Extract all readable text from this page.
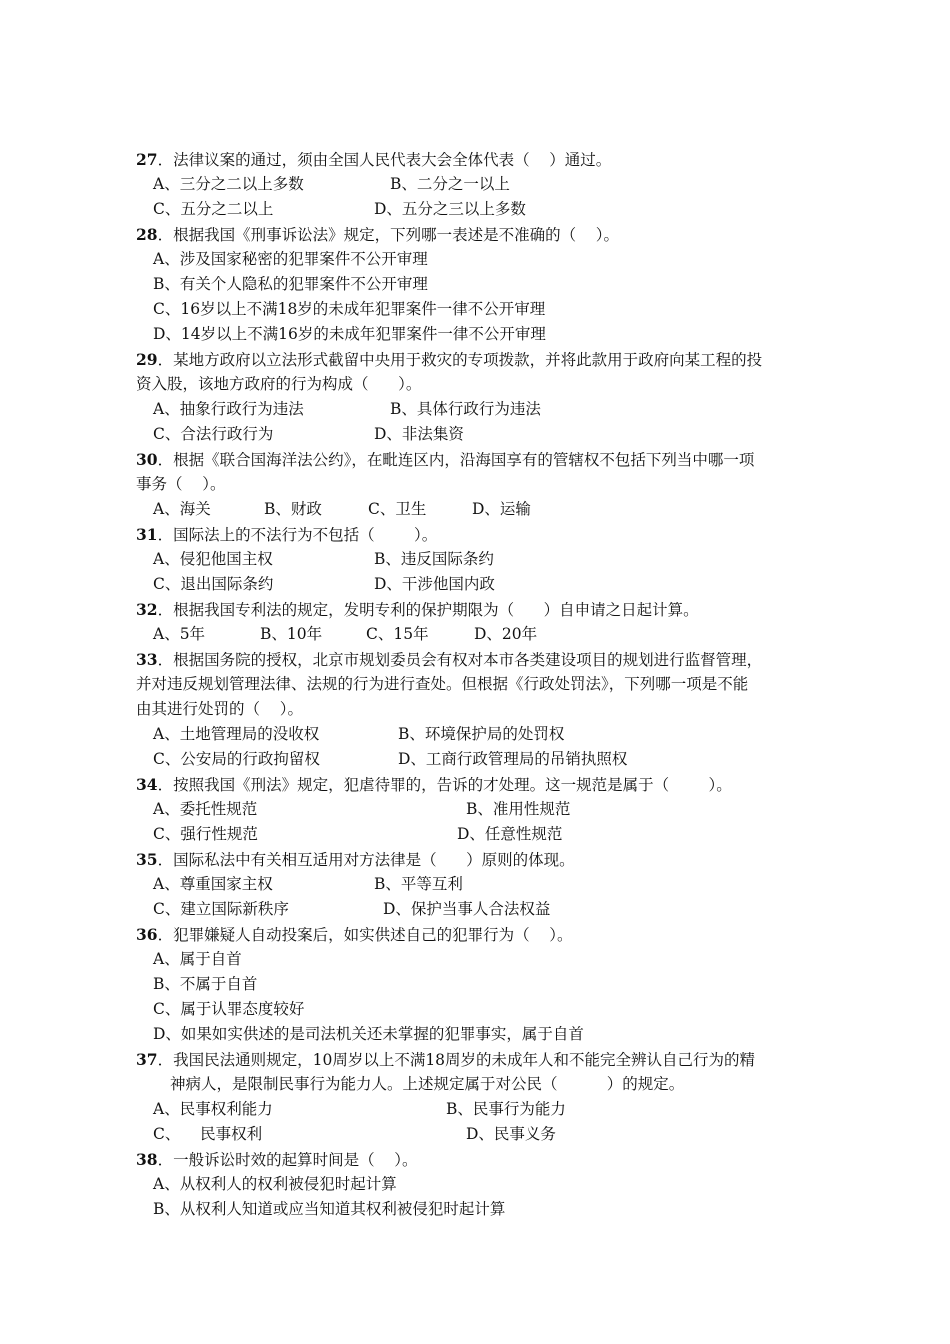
27．法律议案的通过，须由全国人民代表大会全体代表（    ）通过。
A、三分之二以上多数	B、二分之一以上
C、五分之二以上	D、五分之三以上多数
28．根据我国《刑事诉讼法》规定，下列哪一表述是不准确的（    ）。
A、涉及国家秘密的犯罪案件不公开审理
B、有关个人隐私的犯罪案件不公开审理
C、16岁以上不满18岁的未成年犯罪案件一律不公开审理
D、14岁以上不满16岁的未成年犯罪案件一律不公开审理
29．某地方政府以立法形式截留中央用于救灾的专项拨款，并将此款用于政府向某工程的投
资入股，该地方政府的行为构成（      ）。
A、抽象行政行为违法	B、具体行政行为违法
C、合法行政行为	D、非法集资
30．根据《联合国海洋法公约》，在毗连区内，沿海国享有的管辖权不包括下列当中哪一项
事务（    ）。
A、海关	B、财政	C、卫生	D、运输
31．国际法上的不法行为不包括（        ）。
A、侵犯他国主权	B、违反国际条约
C、退出国际条约	D、干涉他国内政
32．根据我国专利法的规定，发明专利的保护期限为（      ）自申请之日起计算。
A、5年	B、10年	C、15年	D、20年
33．根据国务院的授权，北京市规划委员会有权对本市各类建设项目的规划进行监督管理，
并对违反规划管理法律、法规的行为进行查处。但根据《行政处罚法》，下列哪一项是不能
由其进行处罚的（    ）。
A、土地管理局的没收权	B、环境保护局的处罚权
C、公安局的行政拘留权	D、工商行政管理局的吊销执照权
34．按照我国《刑法》规定，犯虐待罪的，告诉的才处理。这一规范是属于（        ）。
A、委托性规范	B、准用性规范
C、强行性规范	D、任意性规范
35．国际私法中有关相互适用对方法律是（      ）原则的体现。
A、尊重国家主权	B、平等互利
C、建立国际新秩序	D、保护当事人合法权益
36．犯罪嫌疑人自动投案后，如实供述自己的犯罪行为（    ）。
A、属于自首
B、不属于自首
C、属于认罪态度较好
D、如果如实供述的是司法机关还未掌握的犯罪事实，属于自首
37．我国民法通则规定，10周岁以上不满18周岁的未成年人和不能完全辨认自己行为的精
神病人，是限制民事行为能力人。上述规定属于对公民（          ）的规定。
A、民事权利能力	B、民事行为能力
C、    民事权利	D、民事义务
38．一般诉讼时效的起算时间是（    ）。
A、从权利人的权利被侵犯时起计算
B、从权利人知道或应当知道其权利被侵犯时起计算
